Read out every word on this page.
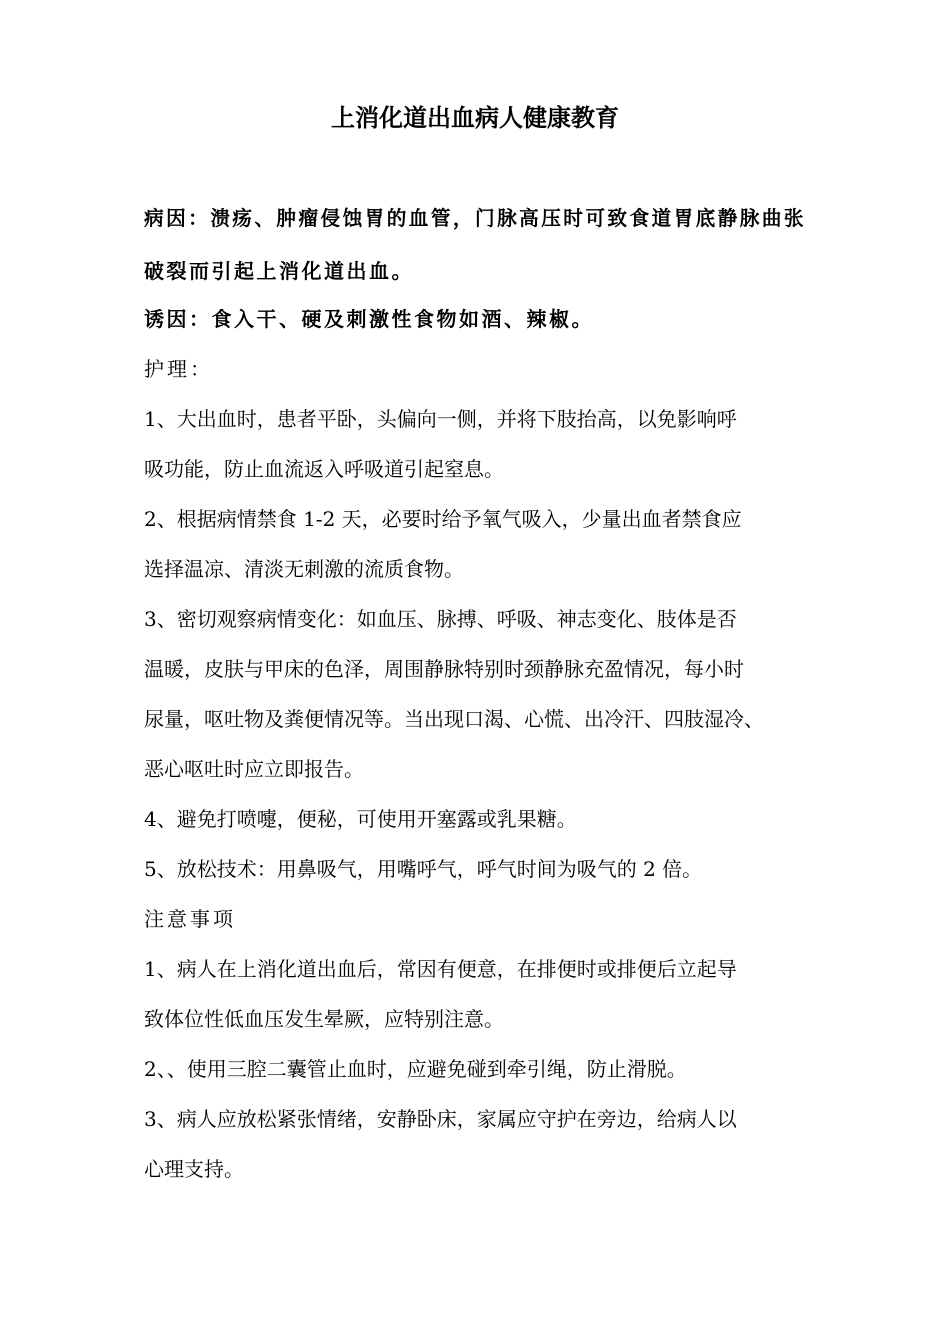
上消化道出血病人健康教育
病因：溃疡、肿瘤侵蚀胃的血管，门脉高压时可致食道胃底静脉曲张
破裂而引起上消化道出血。
诱因：食入干、硬及刺激性食物如酒、辣椒。
护理：
1、大出血时，患者平卧，头偏向一侧，并将下肢抬高，以免影响呼
吸功能，防止血流返入呼吸道引起窒息。
2、根据病情禁食 1-2 天，必要时给予氧气吸入，少量出血者禁食应
选择温凉、清淡无刺激的流质食物。
3、密切观察病情变化：如血压、脉搏、呼吸、神志变化、肢体是否
温暖，皮肤与甲床的色泽，周围静脉特别时颈静脉充盈情况，每小时
尿量，呕吐物及粪便情况等。当出现口渴、心慌、出冷汗、四肢湿冷、
恶心呕吐时应立即报告。
4、避免打喷嚏，便秘，可使用开塞露或乳果糖。
5、放松技术：用鼻吸气，用嘴呼气，呼气时间为吸气的 2 倍。
注意事项
1、病人在上消化道出血后，常因有便意，在排便时或排便后立起导
致体位性低血压发生晕厥，应特别注意。
2、、使用三腔二囊管止血时，应避免碰到牵引绳，防止滑脱。
3、病人应放松紧张情绪，安静卧床，家属应守护在旁边，给病人以
心理支持。
